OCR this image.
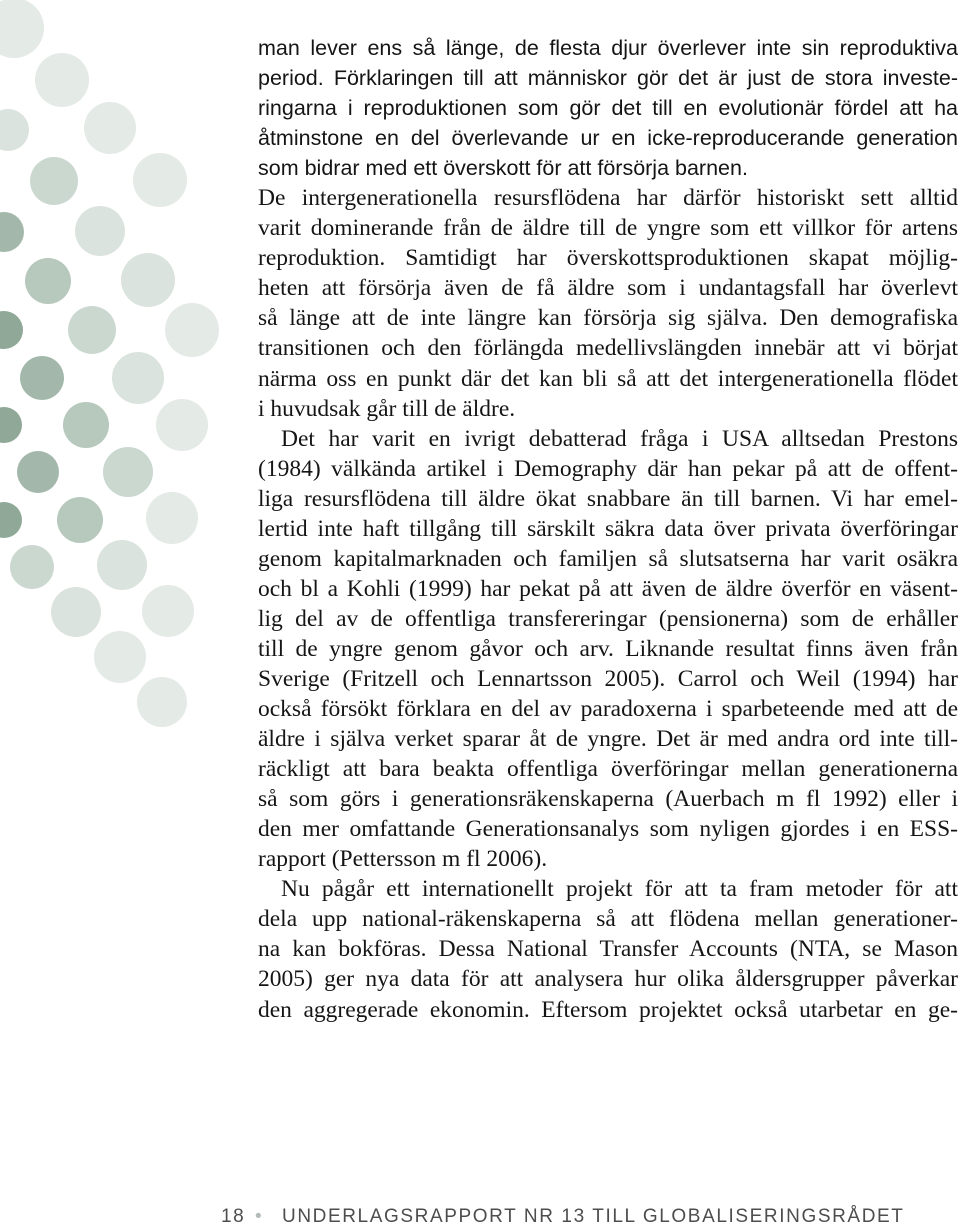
man lever ens så länge, de flesta djur överlever inte sin reproduktiva
period. Förklaringen till att människor gör det är just de stora investe-
ringarna i reproduktionen som gör det till en evolutionär fördel att ha
åtminstone en del överlevande ur en icke-reproducerande generation
som bidrar med ett överskott för att försörja barnen.
De intergenerationella resursflödena har därför historiskt sett alltid
varit dominerande från de äldre till de yngre som ett villkor för artens
reproduktion. Samtidigt har överskottsproduktionen skapat möjlig-
heten att försörja även de få äldre som i undantagsfall har överlevt
så länge att de inte längre kan försörja sig själva. Den demografiska
transitionen och den förlängda medellivslängden innebär att vi börjat
närma oss en punkt där det kan bli så att det intergenerationella flödet
i huvudsak går till de äldre.
Det har varit en ivrigt debatterad fråga i USA alltsedan Prestons
(1984) välkända artikel i Demography där han pekar på att de offent-
liga resursflödena till äldre ökat snabbare än till barnen. Vi har emel-
lertid inte haft tillgång till särskilt säkra data över privata överföringar
genom kapitalmarknaden och familjen så slutsatserna har varit osäkra
och bl a Kohli (1999) har pekat på att även de äldre överför en väsent-
lig del av de offentliga transfereringar (pensionerna) som de erhåller
till de yngre genom gåvor och arv. Liknande resultat finns även från
Sverige (Fritzell och Lennartsson 2005). Carrol och Weil (1994) har
också försökt förklara en del av paradoxerna i sparbeteende med att de
äldre i själva verket sparar åt de yngre. Det är med andra ord inte till-
räckligt att bara beakta offentliga överföringar mellan generationerna
så som görs i generationsräkenskaperna (Auerbach m fl 1992) eller i
den mer omfattande Generationsanalys som nyligen gjordes i en ESS-
rapport (Pettersson m fl 2006).
Nu pågår ett internationellt projekt för att ta fram metoder för att
dela upp national-räkenskaperna så att flödena mellan generationer-
na kan bokföras. Dessa National Transfer Accounts (NTA, se Mason
2005) ger nya data för att analysera hur olika åldersgrupper påverkar
den aggregerade ekonomin. Eftersom projektet också utarbetar en ge-
18 • UNDERLAGSRAPPORT NR 13 TILL GLOBALISERINGSRÅDET
